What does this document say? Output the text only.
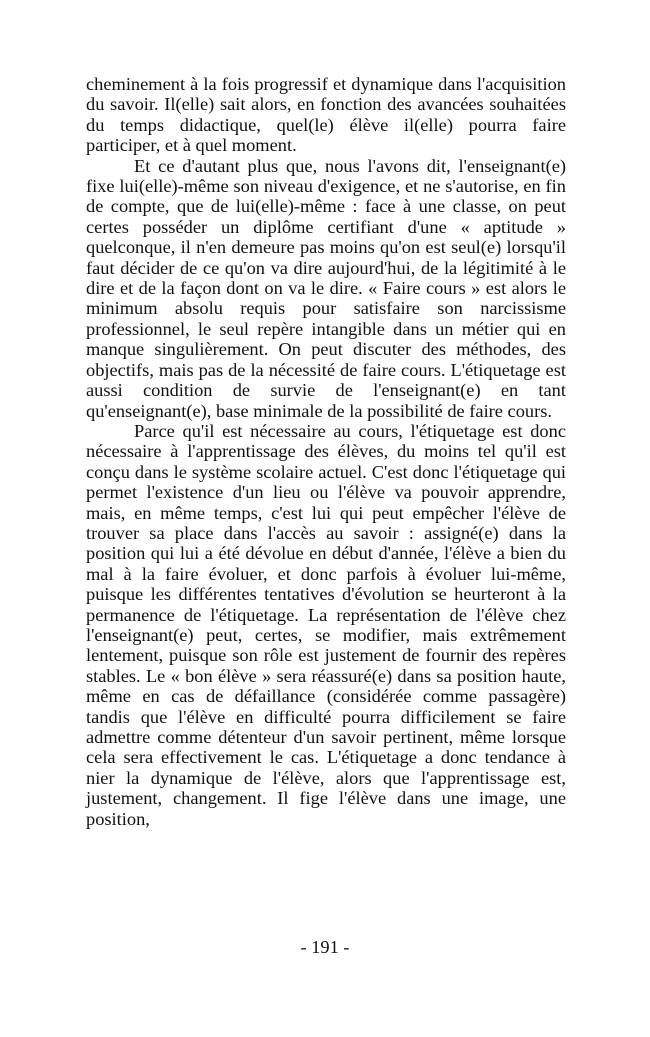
cheminement à la fois progressif et dynamique dans l'acquisition du savoir. Il(elle) sait alors, en fonction des avancées souhaitées du temps didactique, quel(le) élève il(elle) pourra faire participer, et à quel moment.

Et ce d'autant plus que, nous l'avons dit, l'enseignant(e) fixe lui(elle)-même son niveau d'exigence, et ne s'autorise, en fin de compte, que de lui(elle)-même : face à une classe, on peut certes posséder un diplôme certifiant d'une « aptitude » quelconque, il n'en demeure pas moins qu'on est seul(e) lorsqu'il faut décider de ce qu'on va dire aujourd'hui, de la légitimité à le dire et de la façon dont on va le dire. « Faire cours » est alors le minimum absolu requis pour satisfaire son narcissisme professionnel, le seul repère intangible dans un métier qui en manque singulièrement. On peut discuter des méthodes, des objectifs, mais pas de la nécessité de faire cours. L'étiquetage est aussi condition de survie de l'enseignant(e) en tant qu'enseignant(e), base minimale de la possibilité de faire cours.

Parce qu'il est nécessaire au cours, l'étiquetage est donc nécessaire à l'apprentissage des élèves, du moins tel qu'il est conçu dans le système scolaire actuel. C'est donc l'étiquetage qui permet l'existence d'un lieu ou l'élève va pouvoir apprendre, mais, en même temps, c'est lui qui peut empêcher l'élève de trouver sa place dans l'accès au savoir : assigné(e) dans la position qui lui a été dévolue en début d'année, l'élève a bien du mal à la faire évoluer, et donc parfois à évoluer lui-même, puisque les différentes tentatives d'évolution se heurteront à la permanence de l'étiquetage. La représentation de l'élève chez l'enseignant(e) peut, certes, se modifier, mais extrêmement lentement, puisque son rôle est justement de fournir des repères stables. Le « bon élève » sera réassuré(e) dans sa position haute, même en cas de défaillance (considérée comme passagère) tandis que l'élève en difficulté pourra difficilement se faire admettre comme détenteur d'un savoir pertinent, même lorsque cela sera effectivement le cas. L'étiquetage a donc tendance à nier la dynamique de l'élève, alors que l'apprentissage est, justement, changement. Il fige l'élève dans une image, une position,

- 191 -
